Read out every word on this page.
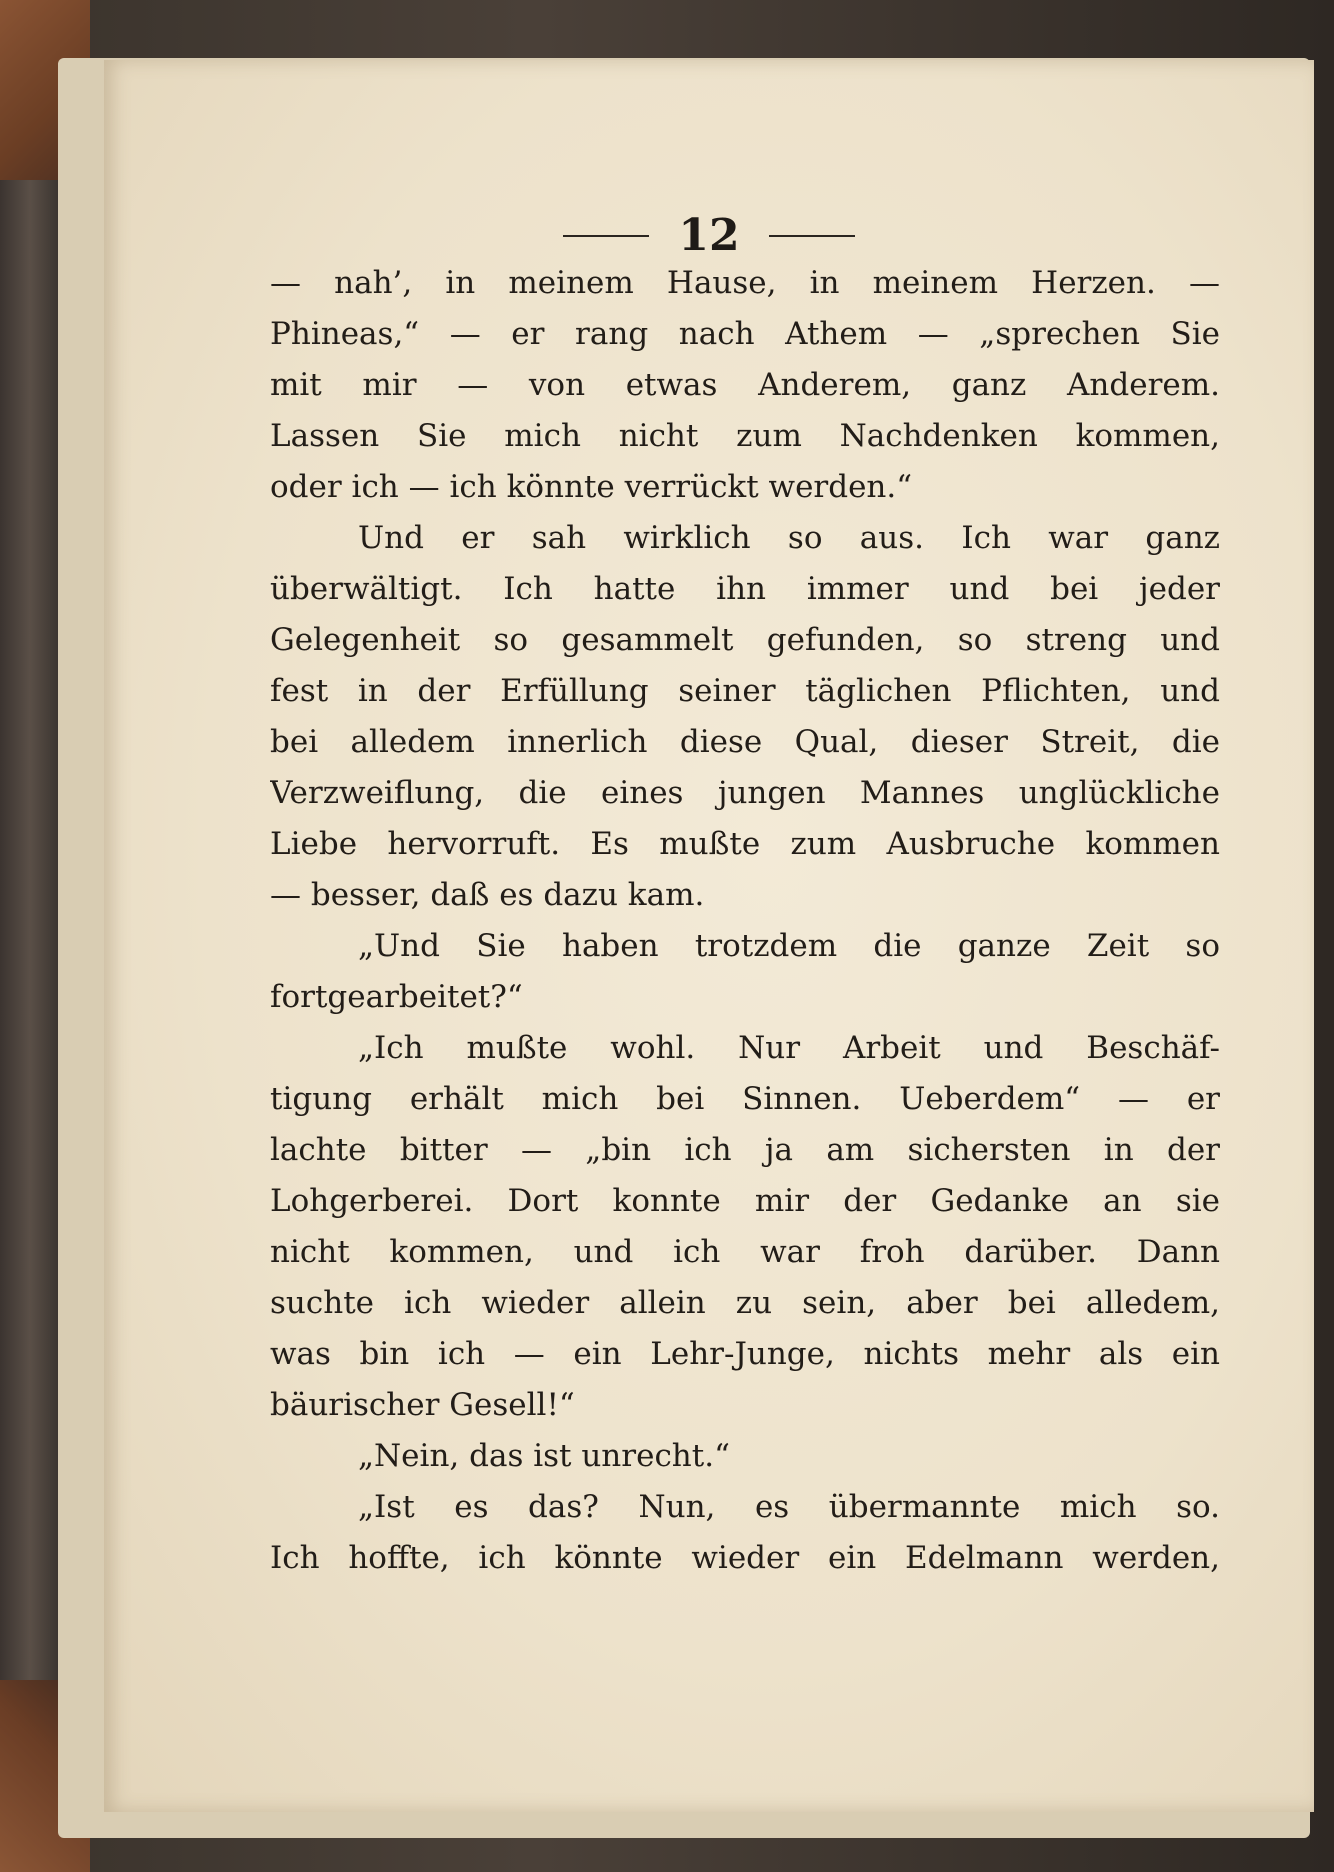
12
— nah’, in meinem Hause, in meinem Herzen. —
Phineas,“ — er rang nach Athem — „sprechen Sie
mit mir — von etwas Anderem, ganz Anderem.
Lassen Sie mich nicht zum Nachdenken kommen,
oder ich — ich könnte verrückt werden.“
Und er sah wirklich so aus. Ich war ganz
überwältigt. Ich hatte ihn immer und bei jeder
Gelegenheit so gesammelt gefunden, so streng und
fest in der Erfüllung seiner täglichen Pflichten, und
bei alledem innerlich diese Qual, dieser Streit, die
Verzweiflung, die eines jungen Mannes unglückliche
Liebe hervorruft. Es mußte zum Ausbruche kommen
— besser, daß es dazu kam.
„Und Sie haben trotzdem die ganze Zeit so
fortgearbeitet?“
„Ich mußte wohl. Nur Arbeit und Beschäf-
tigung erhält mich bei Sinnen. Ueberdem“ — er
lachte bitter — „bin ich ja am sichersten in der
Lohgerberei. Dort konnte mir der Gedanke an sie
nicht kommen, und ich war froh darüber. Dann
suchte ich wieder allein zu sein, aber bei alledem,
was bin ich — ein Lehr-Junge, nichts mehr als ein
bäurischer Gesell!“
„Nein, das ist unrecht.“
„Ist es das? Nun, es übermannte mich so.
Ich hoffte, ich könnte wieder ein Edelmann werden,
